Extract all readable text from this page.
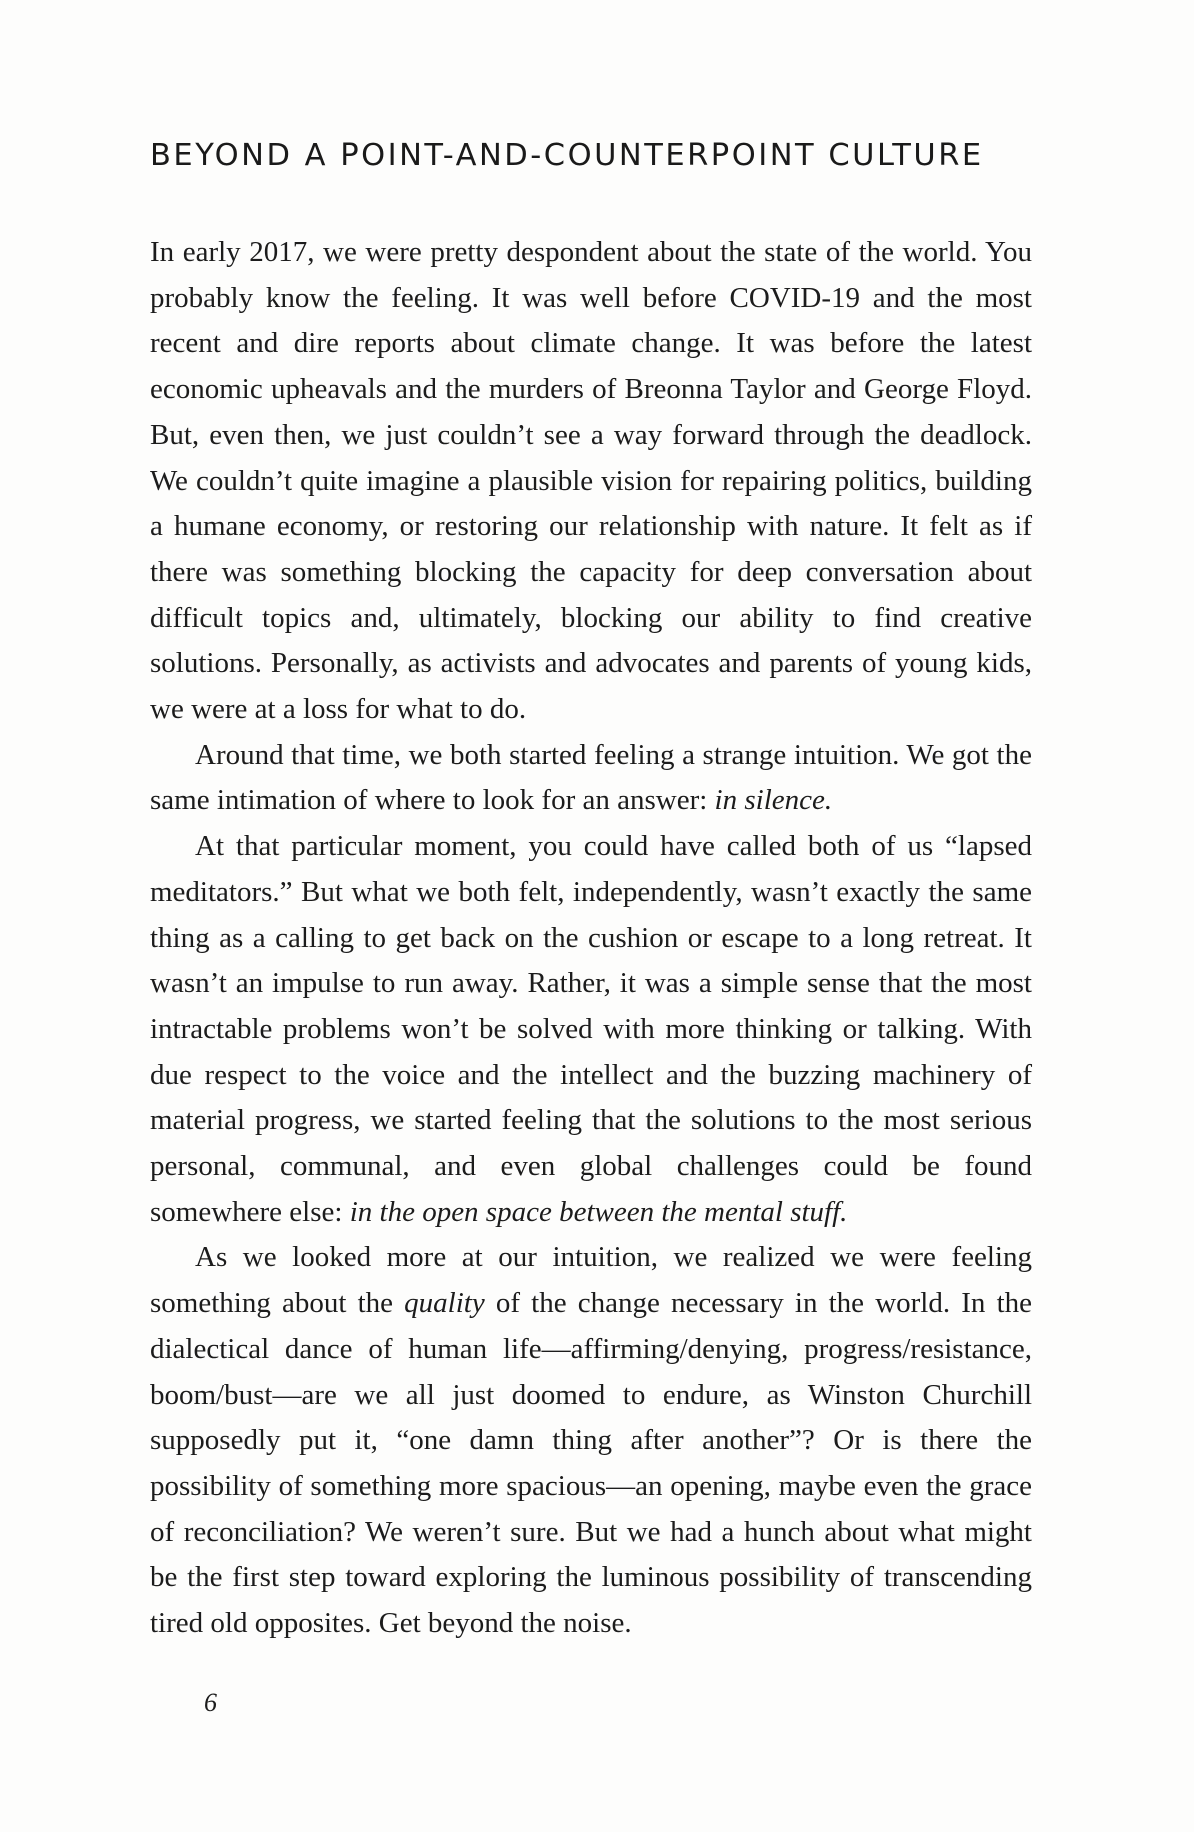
BEYOND A POINT-AND-COUNTERPOINT CULTURE

In early 2017, we were pretty despondent about the state of the world. You probably know the feeling. It was well before COVID-19 and the most recent and dire reports about climate change. It was before the latest economic upheavals and the murders of Breonna Taylor and George Floyd. But, even then, we just couldn’t see a way forward through the deadlock. We couldn’t quite imagine a plausible vision for repairing politics, building a humane economy, or restoring our relationship with nature. It felt as if there was something blocking the capacity for deep conversation about difficult topics and, ultimately, blocking our ability to find creative solutions. Personally, as activists and advocates and parents of young kids, we were at a loss for what to do.

Around that time, we both started feeling a strange intuition. We got the same intimation of where to look for an answer: in silence.

At that particular moment, you could have called both of us “lapsed meditators.” But what we both felt, independently, wasn’t exactly the same thing as a calling to get back on the cushion or escape to a long retreat. It wasn’t an impulse to run away. Rather, it was a simple sense that the most intractable problems won’t be solved with more thinking or talking. With due respect to the voice and the intellect and the buzzing machinery of material progress, we started feeling that the solutions to the most serious personal, communal, and even global challenges could be found somewhere else: in the open space between the mental stuff.

As we looked more at our intuition, we realized we were feeling something about the quality of the change necessary in the world. In the dialectical dance of human life—affirming/denying, progress/resistance, boom/bust—are we all just doomed to endure, as Winston Churchill supposedly put it, “one damn thing after another”? Or is there the possibility of something more spacious—an opening, maybe even the grace of reconciliation? We weren’t sure. But we had a hunch about what might be the first step toward exploring the luminous possibility of transcending tired old opposites. Get beyond the noise.

6
